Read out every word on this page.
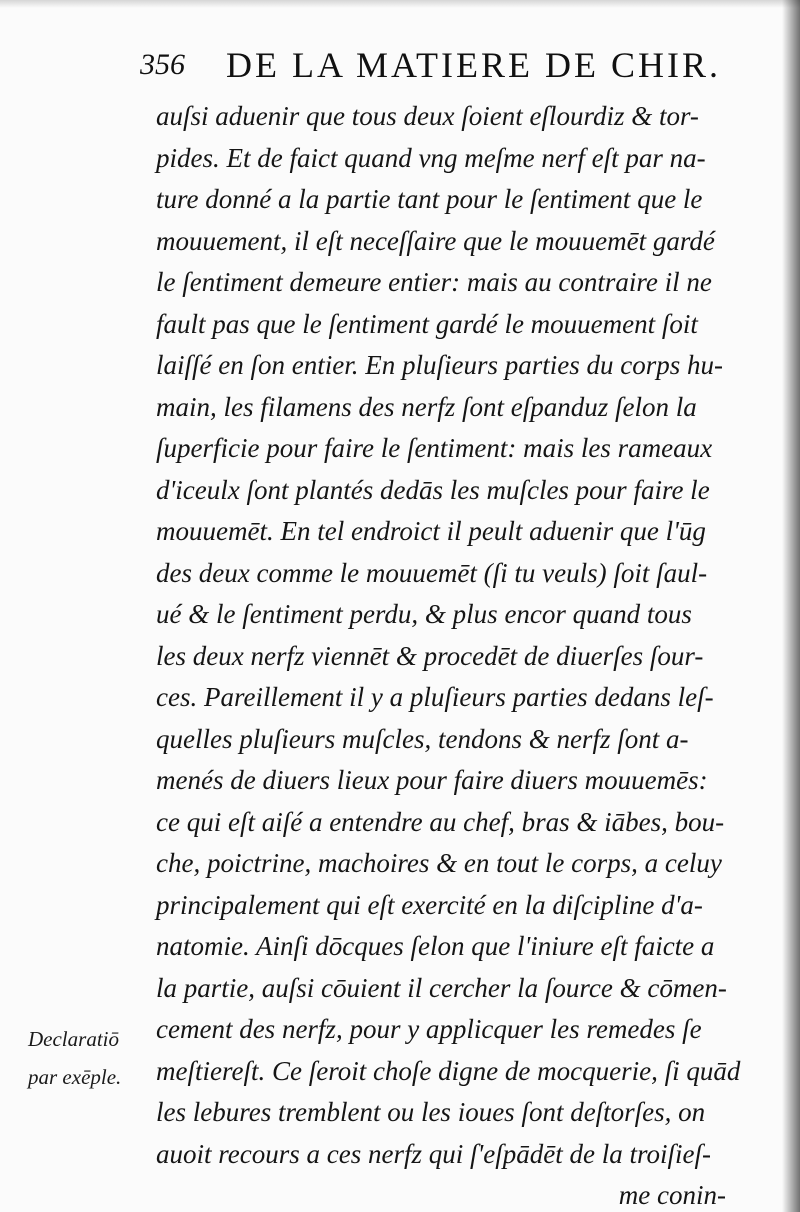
356 DE LA MATIERE DE CHIR.
auſsi aduenir que tous deux ſoient eſlourdiz & tor-
pides. Et de faict quand vng meſme nerf eſt par na-
ture donné a la partie tant pour le ſentiment que le
mouuement, il eſt neceſſaire que le mouuemēt gardé
le ſentiment demeure entier: mais au contraire il ne
fault pas que le ſentiment gardé le mouuement ſoit
laiſſé en ſon entier. En pluſieurs parties du corps hu-
main, les filamens des nerfz ſont eſpanduz ſelon la
ſuperficie pour faire le ſentiment: mais les rameaux
d'iceulx ſont plantés dedās les muſcles pour faire le
mouuemēt. En tel endroict il peult aduenir que l'ūg
des deux comme le mouuemēt (ſi tu veuls) ſoit ſaul-
ué & le ſentiment perdu, & plus encor quand tous
les deux nerfz viennēt & procedēt de diuerſes ſour-
ces. Pareillement il y a pluſieurs parties dedans leſ-
quelles pluſieurs muſcles, tendons & nerfz ſont a-
menés de diuers lieux pour faire diuers mouuemēs:
ce qui eſt aiſé a entendre au chef, bras & iābes, bou-
che, poictrine, machoires & en tout le corps, a celuy
principalement qui eſt exercité en la diſcipline d'a-
natomie. Ainſi dōcques ſelon que l'iniure eſt faicte a
la partie, auſsi cōuient il cercher la ſource & cōmen-
cement des nerfz, pour y applicquer les remedes ſe
meſtiereſt. Ce ſeroit choſe digne de mocquerie, ſi quād
les lebures tremblent ou les ioues ſont deſtorſes, on
auoit recours a ces nerfz qui ſ'eſpādēt de la troiſieſ-
me conin-
Declaratiō
par exēple.
